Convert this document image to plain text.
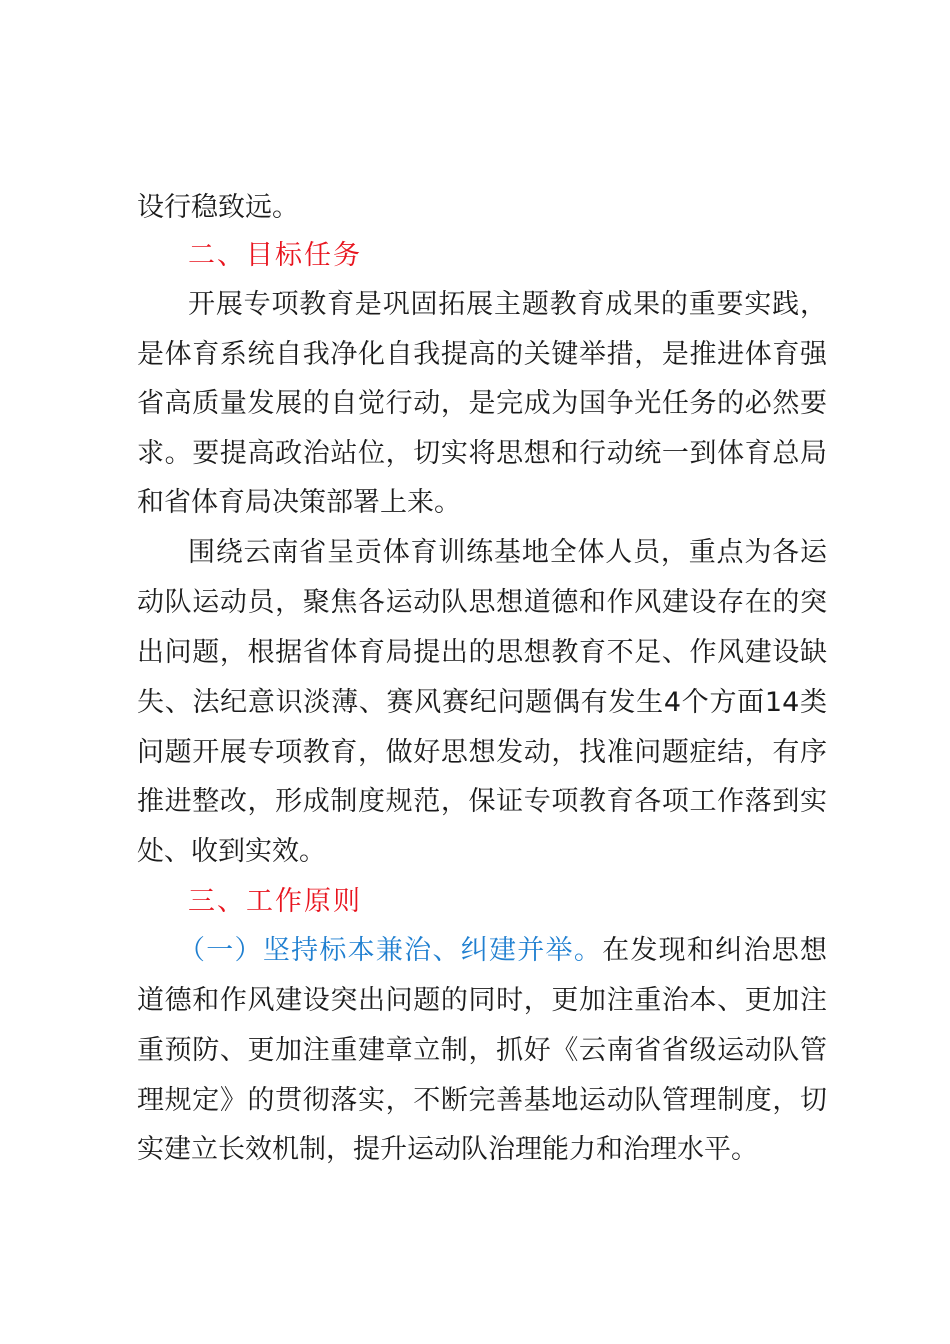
设行稳致远。
二、目标任务
开展专项教育是巩固拓展主题教育成果的重要实践，
是体育系统自我净化自我提高的关键举措，是推进体育强
省高质量发展的自觉行动，是完成为国争光任务的必然要
求。要提高政治站位，切实将思想和行动统一到体育总局
和省体育局决策部署上来。
围绕云南省呈贡体育训练基地全体人员，重点为各运
动队运动员，聚焦各运动队思想道德和作风建设存在的突
出问题，根据省体育局提出的思想教育不足、作风建设缺
失、法纪意识淡薄、赛风赛纪问题偶有发生4个方面14类
问题开展专项教育，做好思想发动，找准问题症结，有序
推进整改，形成制度规范，保证专项教育各项工作落到实
处、收到实效。
三、工作原则
（一）坚持标本兼治、纠建并举。在发现和纠治思想
道德和作风建设突出问题的同时，更加注重治本、更加注
重预防、更加注重建章立制，抓好《云南省省级运动队管
理规定》的贯彻落实，不断完善基地运动队管理制度，切
实建立长效机制，提升运动队治理能力和治理水平。
